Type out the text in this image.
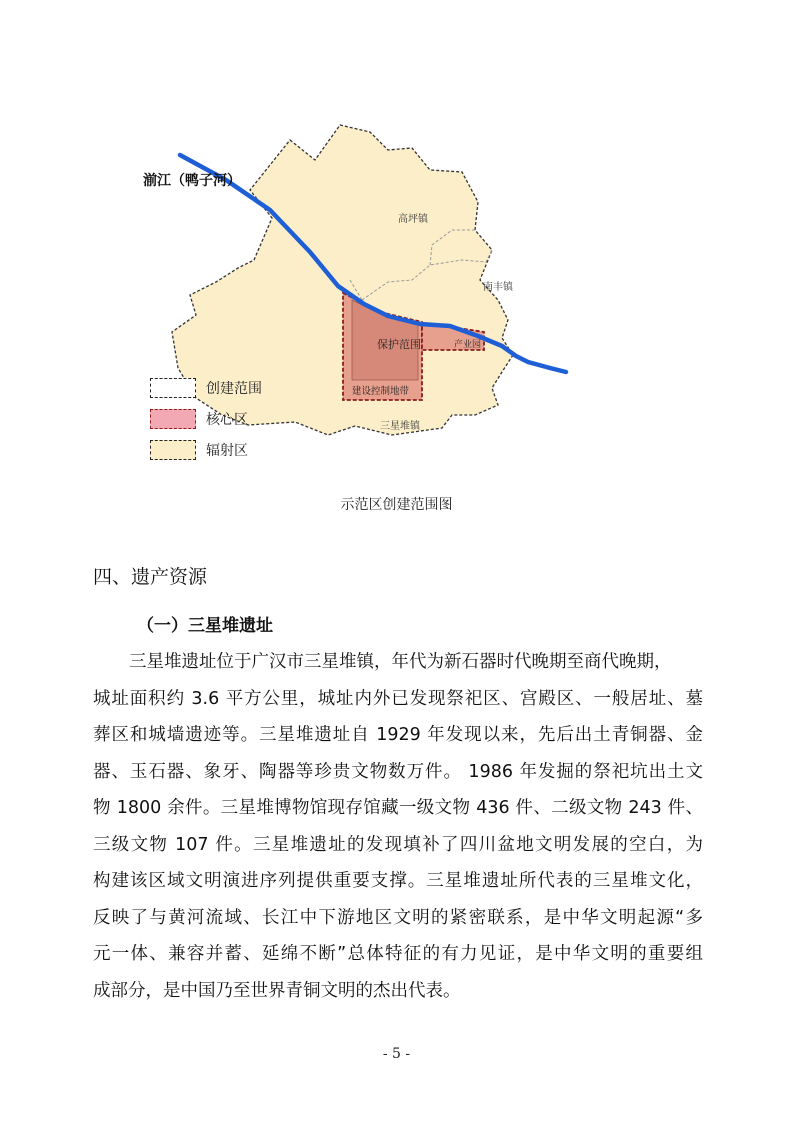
湔江（鸭子河）
高坪镇
南丰镇
三星堆镇
保护范围
建设控制地带
产业园
创建范围
核心区
辐射区
示范区创建范围图
四、遗产资源
（一）三星堆遗址
三星堆遗址位于广汉市三星堆镇，年代为新石器时代晚期至商代晚期，
城址面积约 3.6 平方公里，城址内外已发现祭祀区、宫殿区、一般居址、墓
葬区和城墙遗迹等。三星堆遗址自 1929 年发现以来，先后出土青铜器、金
器、玉石器、象牙、陶器等珍贵文物数万件。 1986 年发掘的祭祀坑出土文
物 1800 余件。三星堆博物馆现存馆藏一级文物 436 件、二级文物 243 件、
三级文物 107 件。三星堆遗址的发现填补了四川盆地文明发展的空白，为
构建该区域文明演进序列提供重要支撑。三星堆遗址所代表的三星堆文化，
反映了与黄河流域、长江中下游地区文明的紧密联系，是中华文明起源“多
元一体、兼容并蓄、延绵不断”总体特征的有力见证，是中华文明的重要组
成部分，是中国乃至世界青铜文明的杰出代表。
- 5 -
